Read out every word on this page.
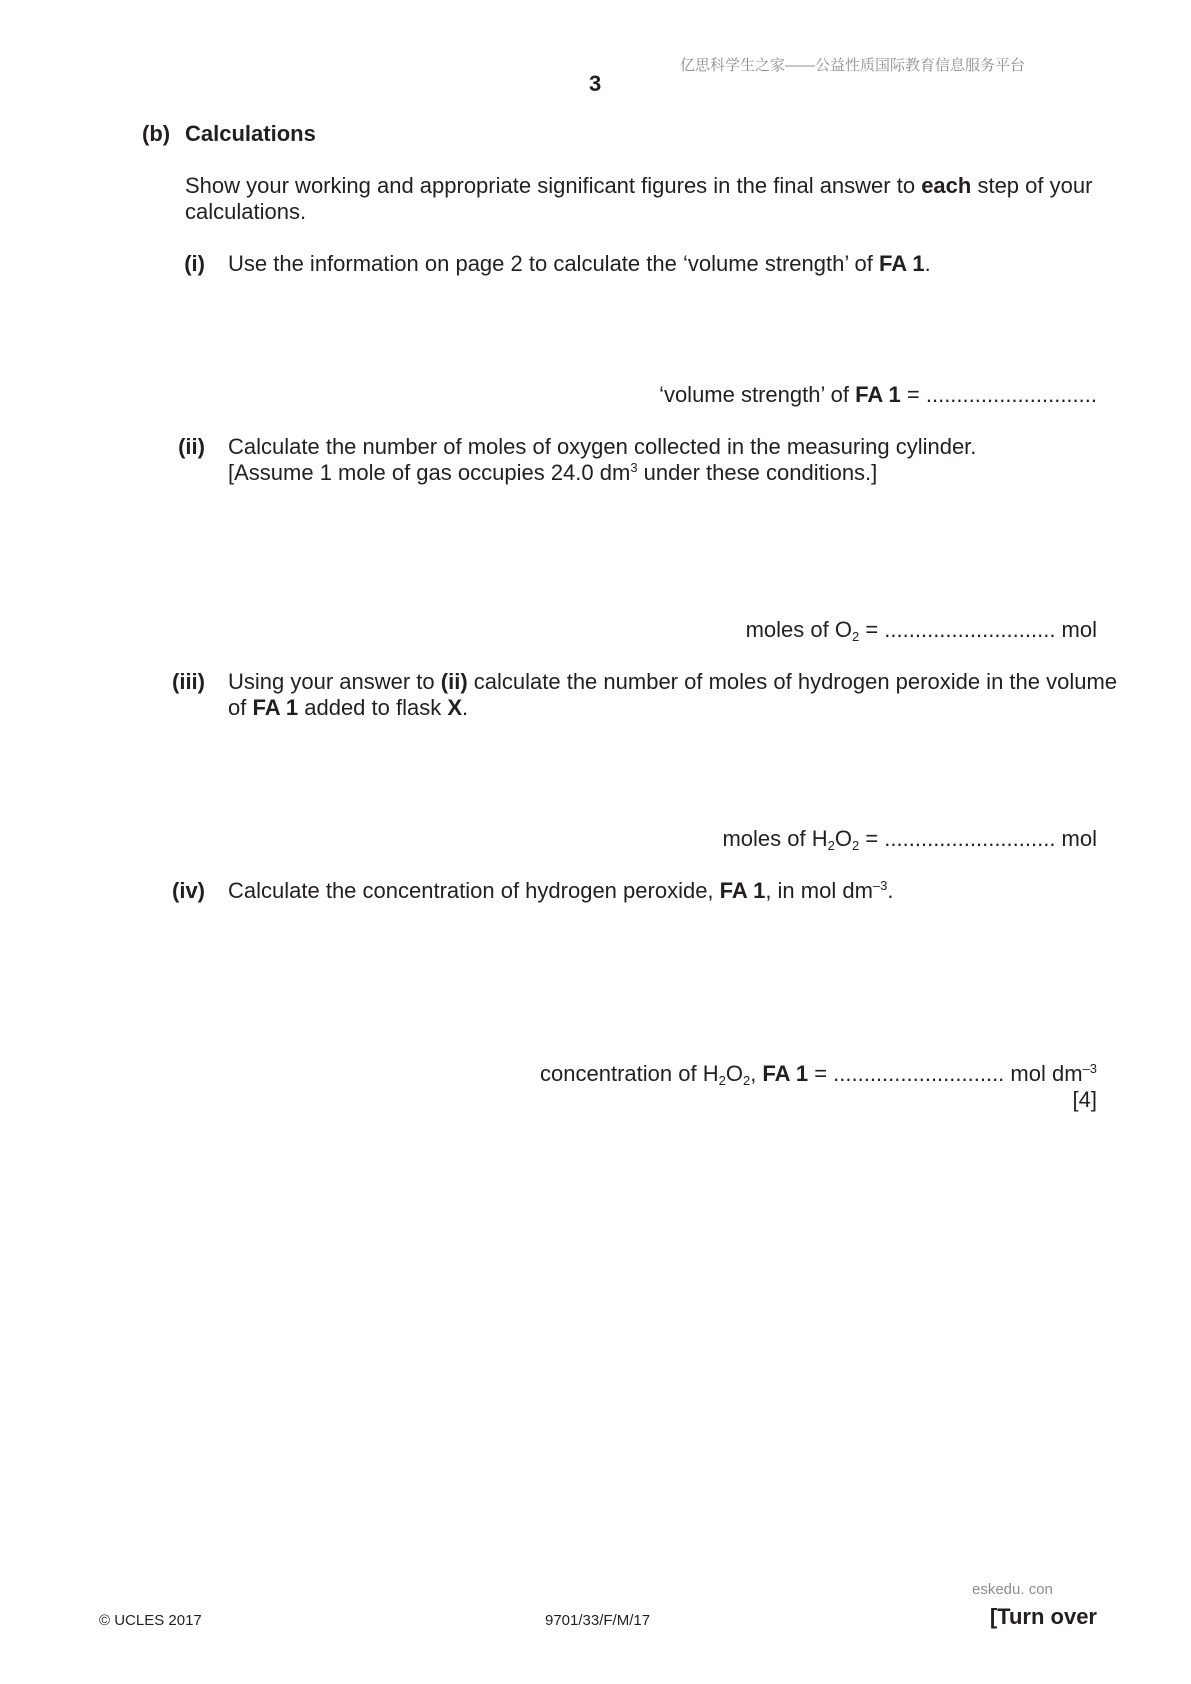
亿思科学生之家——公益性质国际教育信息服务平台
3
(b) Calculations
Show your working and appropriate significant figures in the final answer to each step of your
calculations.
(i) Use the information on page 2 to calculate the ‘volume strength’ of FA 1.
‘volume strength’ of FA 1 = ............................
(ii) Calculate the number of moles of oxygen collected in the measuring cylinder.
[Assume 1 mole of gas occupies 24.0 $dm^3$ under these conditions.]
moles of $O_2$ = ............................ mol
(iii) Using your answer to (ii) calculate the number of moles of hydrogen peroxide in the volume
of FA 1 added to flask X.
moles of $H_2O_2$ = ............................ mol
(iv) Calculate the concentration of hydrogen peroxide, FA 1, in mol $dm^{-3}$.
concentration of $H_2O_2$, FA 1 = ............................ mol $dm^{-3}$
[4]
eskedu. con
© UCLES 2017	9701/33/F/M/17	[Turn over
